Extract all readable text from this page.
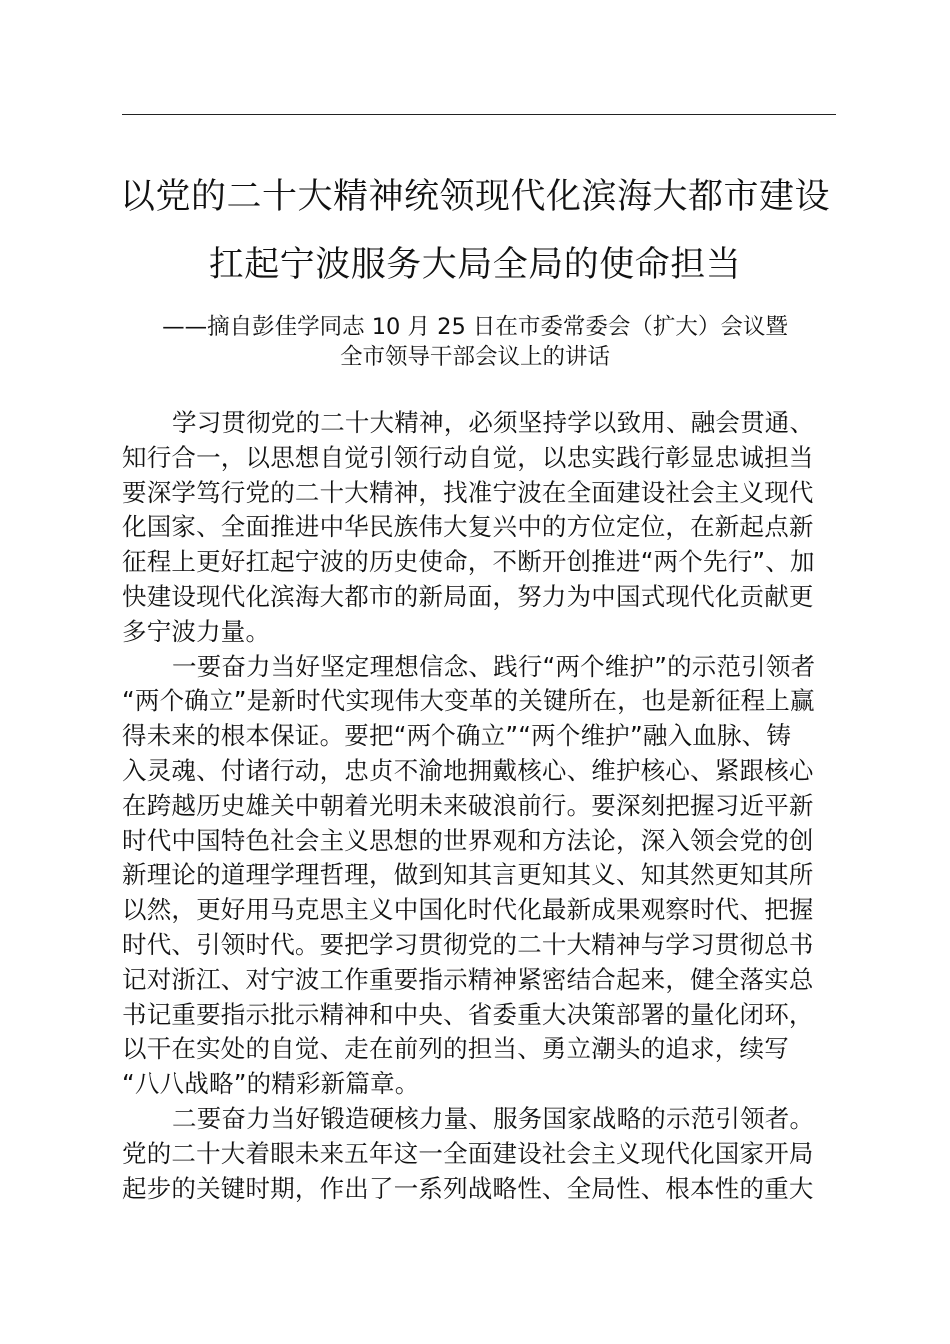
以党的二十大精神统领现代化滨海大都市建设
扛起宁波服务大局全局的使命担当
——摘自彭佳学同志 10 月 25 日在市委常委会（扩大）会议暨
全市领导干部会议上的讲话
学习贯彻党的二十大精神，必须坚持学以致用、融会贯通、
知行合一，以思想自觉引领行动自觉，以忠实践行彰显忠诚担当
要深学笃行党的二十大精神，找准宁波在全面建设社会主义现代
化国家、全面推进中华民族伟大复兴中的方位定位，在新起点新
征程上更好扛起宁波的历史使命，不断开创推进“两个先行”、加
快建设现代化滨海大都市的新局面，努力为中国式现代化贡献更
多宁波力量。
一要奋力当好坚定理想信念、践行“两个维护”的示范引领者
“两个确立”是新时代实现伟大变革的关键所在，也是新征程上赢
得未来的根本保证。要把“两个确立”“两个维护”融入血脉、铸
入灵魂、付诸行动，忠贞不渝地拥戴核心、维护核心、紧跟核心
在跨越历史雄关中朝着光明未来破浪前行。要深刻把握习近平新
时代中国特色社会主义思想的世界观和方法论，深入领会党的创
新理论的道理学理哲理，做到知其言更知其义、知其然更知其所
以然，更好用马克思主义中国化时代化最新成果观察时代、把握
时代、引领时代。要把学习贯彻党的二十大精神与学习贯彻总书
记对浙江、对宁波工作重要指示精神紧密结合起来，健全落实总
书记重要指示批示精神和中央、省委重大决策部署的量化闭环，
以干在实处的自觉、走在前列的担当、勇立潮头的追求，续写
“八八战略”的精彩新篇章。
二要奋力当好锻造硬核力量、服务国家战略的示范引领者。
党的二十大着眼未来五年这一全面建设社会主义现代化国家开局
起步的关键时期，作出了一系列战略性、全局性、根本性的重大
